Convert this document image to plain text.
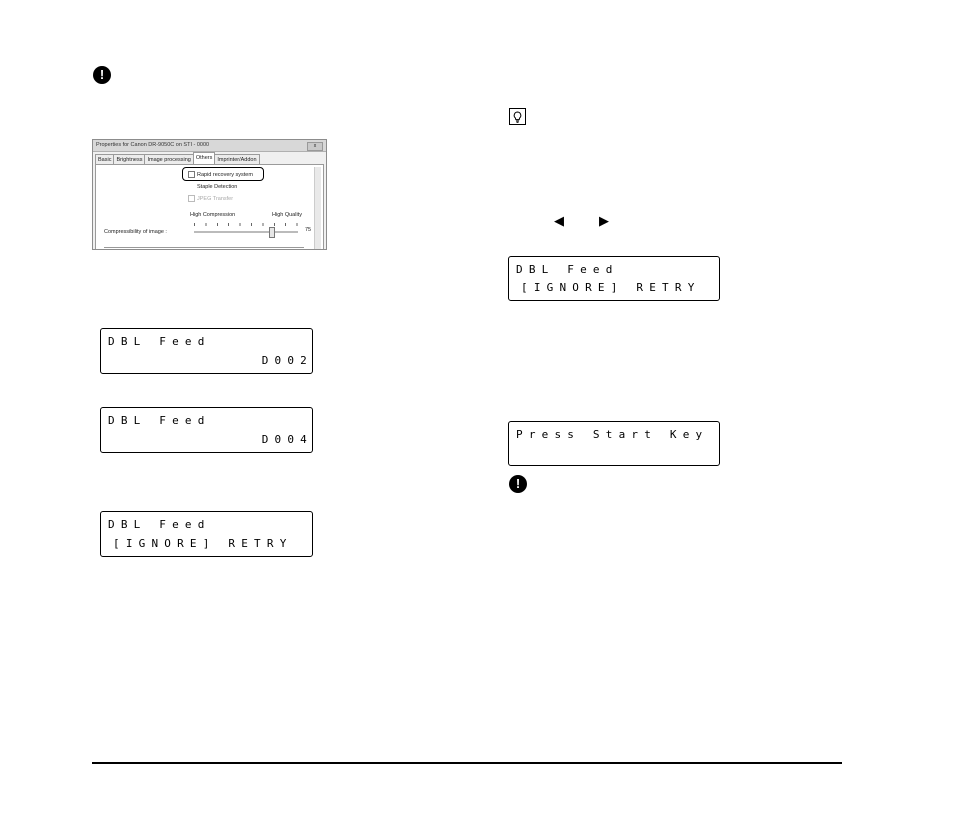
!
Properties for Canon DR-9050C on STI - 0000	x
Basic Brightness Image processing Others Imprinter/Addon
Rapid recovery system
Staple Detection
JPEG Transfer
High Compression	High Quality
Compressibility of image :	75
DBL Feed
D002
DBL Feed
D004
DBL Feed
[IGNORE] RETRY
◀	▶
DBL Feed
[IGNORE] RETRY
Press Start Key
!
